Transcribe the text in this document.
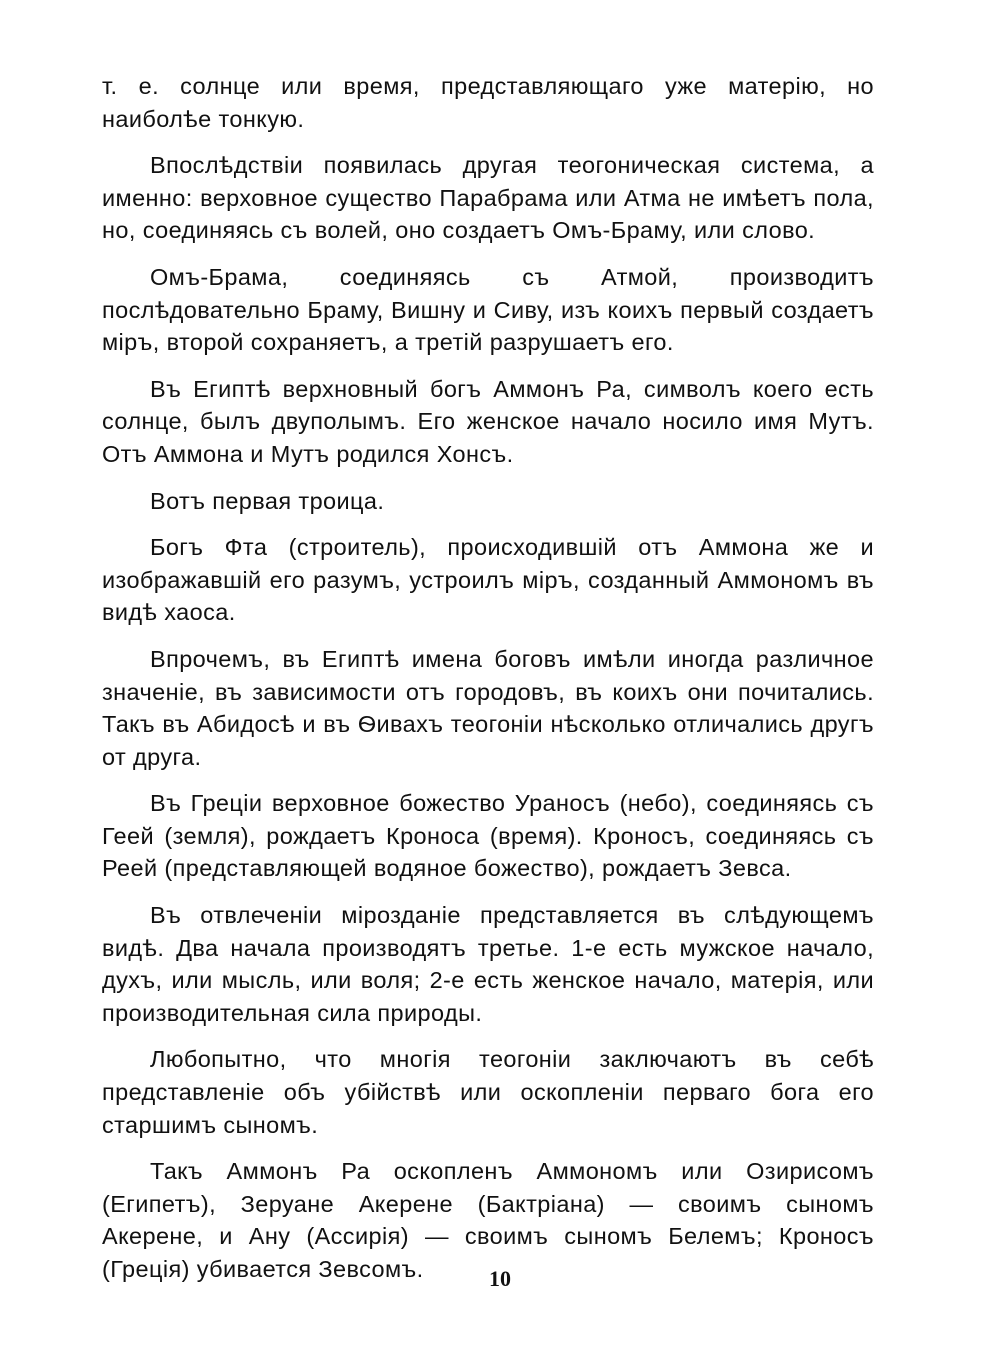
т. е. солнце или время, представляющаго уже матерію, но наиболѣе тонкую.

Впослѣдствіи появилась другая теогоническая система, а именно: верховное существо Парабрама или Атма не имѣетъ пола, но, соединяясь съ волей, оно создаетъ Омъ-Браму, или слово.

Омъ-Брама, соединяясь съ Атмой, производитъ послѣдовательно Браму, Вишну и Сиву, изъ коихъ первый создаетъ міръ, второй сохраняетъ, а третій разрушаетъ его.

Въ Египтѣ верхновный богъ Аммонъ Ра, символъ коего есть солнце, былъ двуполымъ. Его женское начало носило имя Мутъ. Отъ Аммона и Мутъ родился Хонсъ.

Вотъ первая троица.

Богъ Фта (строитель), происходившій отъ Аммона же и изображавшій его разумъ, устроилъ міръ, созданный Аммономъ въ видѣ хаоса.

Впрочемъ, въ Египтѣ имена боговъ имѣли иногда различное значеніе, въ зависимости отъ городовъ, въ коихъ они почитались. Такъ въ Абидосѣ и въ Ѳивахъ теогоніи нѣсколько отличались другъ от друга.

Въ Греціи верховное божество Ураносъ (небо), соединяясь съ Геей (земля), рождаетъ Кроноса (время). Кроносъ, соединяясь съ Реей (представляющей водяное божество), рождаетъ Зевса.

Въ отвлеченіи мірозданіе представляется въ слѣдующемъ видѣ. Два начала производятъ третье. 1-е есть мужское начало, духъ, или мысль, или воля; 2-е есть женское начало, матерія, или производительная сила природы.

Любопытно, что многія теогоніи заключаютъ въ себѣ представленіе объ убійствѣ или оскопленіи перваго бога его старшимъ сыномъ.

Такъ Аммонъ Ра оскопленъ Аммономъ или Озирисомъ (Египетъ), Зеруане Акерене (Бактріана) — своимъ сыномъ Акерене, и Ану (Ассирія) — своимъ сыномъ Белемъ; Кроносъ (Греція) убивается Зевсомъ.	10
